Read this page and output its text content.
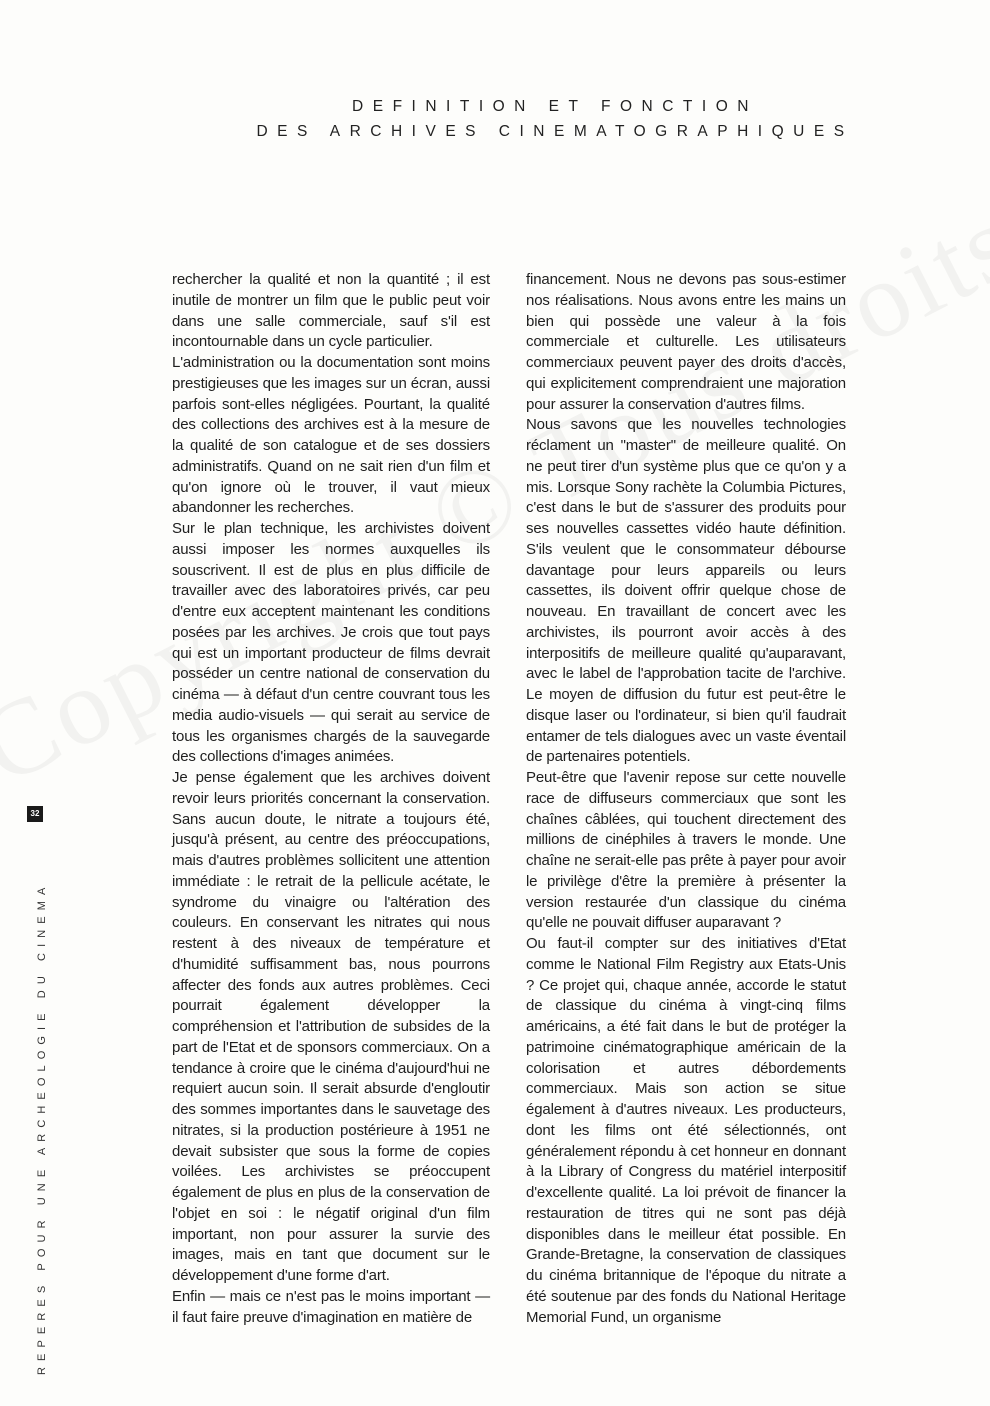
DEFINITION ET FONCTION
DES ARCHIVES CINEMATOGRAPHIQUES

rechercher la qualité et non la quantité ; il est inutile de montrer un film que le public peut voir dans une salle commerciale, sauf s'il est incontournable dans un cycle particulier.

L'administration ou la documentation sont moins prestigieuses que les images sur un écran, aussi parfois sont-elles négligées. Pourtant, la qualité des collections des archives est à la mesure de la qualité de son catalogue et de ses dossiers administratifs. Quand on ne sait rien d'un film et qu'on ignore où le trouver, il vaut mieux abandonner les recherches.

Sur le plan technique, les archivistes doivent aussi imposer les normes auxquelles ils souscrivent. Il est de plus en plus difficile de travailler avec des laboratoires privés, car peu d'entre eux acceptent maintenant les conditions posées par les archives. Je crois que tout pays qui est un important producteur de films devrait posséder un centre national de conservation du cinéma — à défaut d'un centre couvrant tous les media audio-visuels — qui serait au service de tous les organismes chargés de la sauvegarde des collections d'images animées.

Je pense également que les archives doivent revoir leurs priorités concernant la conservation. Sans aucun doute, le nitrate a toujours été, jusqu'à présent, au centre des préoccupations, mais d'autres problèmes sollicitent une attention immédiate : le retrait de la pellicule acétate, le syndrome du vinaigre ou l'altération des couleurs. En conservant les nitrates qui nous restent à des niveaux de température et d'humidité suffisamment bas, nous pourrons affecter des fonds aux autres problèmes. Ceci pourrait également développer la compréhension et l'attribution de subsides de la part de l'Etat et de sponsors commerciaux. On a tendance à croire que le cinéma d'aujourd'hui ne requiert aucun soin. Il serait absurde d'engloutir des sommes importantes dans le sauvetage des nitrates, si la production postérieure à 1951 ne devait subsister que sous la forme de copies voilées. Les archivistes se préoccupent également de plus en plus de la conservation de l'objet en soi : le négatif original d'un film important, non pour assurer la survie des images, mais en tant que document sur le développement d'une forme d'art.

Enfin — mais ce n'est pas le moins important — il faut faire preuve d'imagination en matière de

financement. Nous ne devons pas sous-estimer nos réalisations. Nous avons entre les mains un bien qui possède une valeur à la fois commerciale et culturelle. Les utilisateurs commerciaux peuvent payer des droits d'accès, qui explicitement comprendraient une majoration pour assurer la conservation d'autres films.

Nous savons que les nouvelles technologies réclament un "master" de meilleure qualité. On ne peut tirer d'un système plus que ce qu'on y a mis. Lorsque Sony rachète la Columbia Pictures, c'est dans le but de s'assurer des produits pour ses nouvelles cassettes vidéo haute définition. S'ils veulent que le consommateur débourse davantage pour leurs appareils ou leurs cassettes, ils doivent offrir quelque chose de nouveau. En travaillant de concert avec les archivistes, ils pourront avoir accès à des interpositifs de meilleure qualité qu'auparavant, avec le label de l'approbation tacite de l'archive. Le moyen de diffusion du futur est peut-être le disque laser ou l'ordinateur, si bien qu'il faudrait entamer de tels dialogues avec un vaste éventail de partenaires potentiels.

Peut-être que l'avenir repose sur cette nouvelle race de diffuseurs commerciaux que sont les chaînes câblées, qui touchent directement des millions de cinéphiles à travers le monde. Une chaîne ne serait-elle pas prête à payer pour avoir le privilège d'être la première à présenter la version restaurée d'un classique du cinéma qu'elle ne pouvait diffuser auparavant ?

Ou faut-il compter sur des initiatives d'Etat comme le National Film Registry aux Etats-Unis ? Ce projet qui, chaque année, accorde le statut de classique du cinéma à vingt-cinq films américains, a été fait dans le but de protéger la patrimoine cinématographique américain de la colorisation et autres débordements commerciaux. Mais son action se situe également à d'autres niveaux. Les producteurs, dont les films ont été sélectionnés, ont généralement répondu à cet honneur en donnant à la Library of Congress du matériel interpositif d'excellente qualité. La loi prévoit de financer la restauration de titres qui ne sont pas déjà disponibles dans le meilleur état possible. En Grande-Bretagne, la conservation de classiques du cinéma britannique de l'époque du nitrate a été soutenue par des fonds du National Heritage Memorial Fund, un organisme

32
REPERES POUR UNE ARCHEOLOGIE DU CINEMA
